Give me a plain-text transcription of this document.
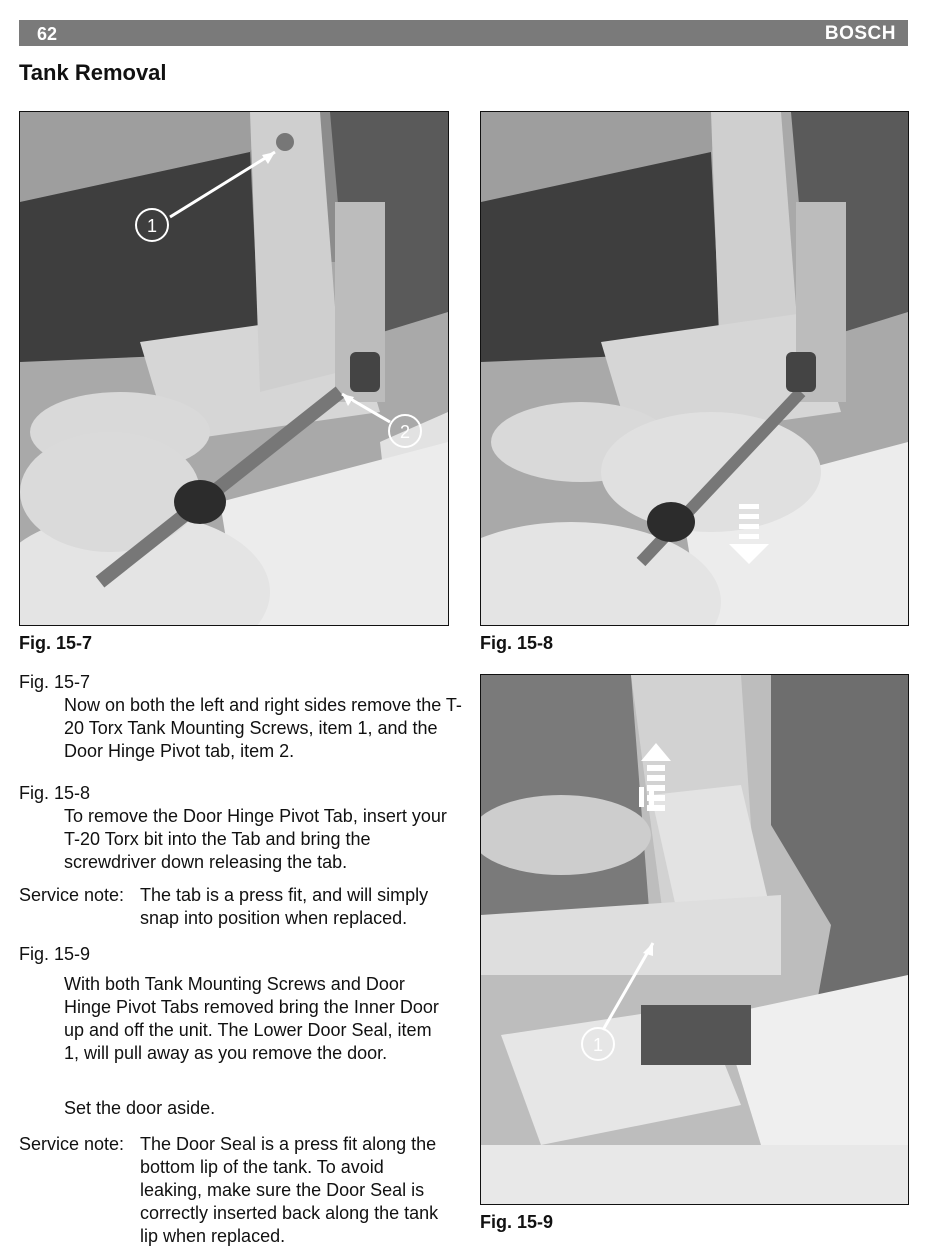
62	BOSCH
Tank Removal
1
2
1
Fig. 15-7	Fig. 15-8
Fig. 15-9
Fig. 15-7
Now on both the left and right sides remove the T-20 Torx Tank Mounting Screws, item 1, and the Door Hinge Pivot tab, item 2.
Fig. 15-8
To remove the Door Hinge Pivot Tab, insert your T-20 Torx bit into the Tab and bring the screwdriver down releasing the tab.
Service note: The tab is a press fit, and will simply snap into position when replaced.
Fig. 15-9
With both Tank Mounting Screws and Door Hinge Pivot Tabs removed bring the Inner Door up and off the unit. The Lower Door Seal, item 1, will pull away as you remove the door.
Set the door aside.
Service note: The Door Seal is a press fit along the bottom lip of the tank. To avoid leaking, make sure the Door Seal is correctly inserted back along the tank lip when replaced.
